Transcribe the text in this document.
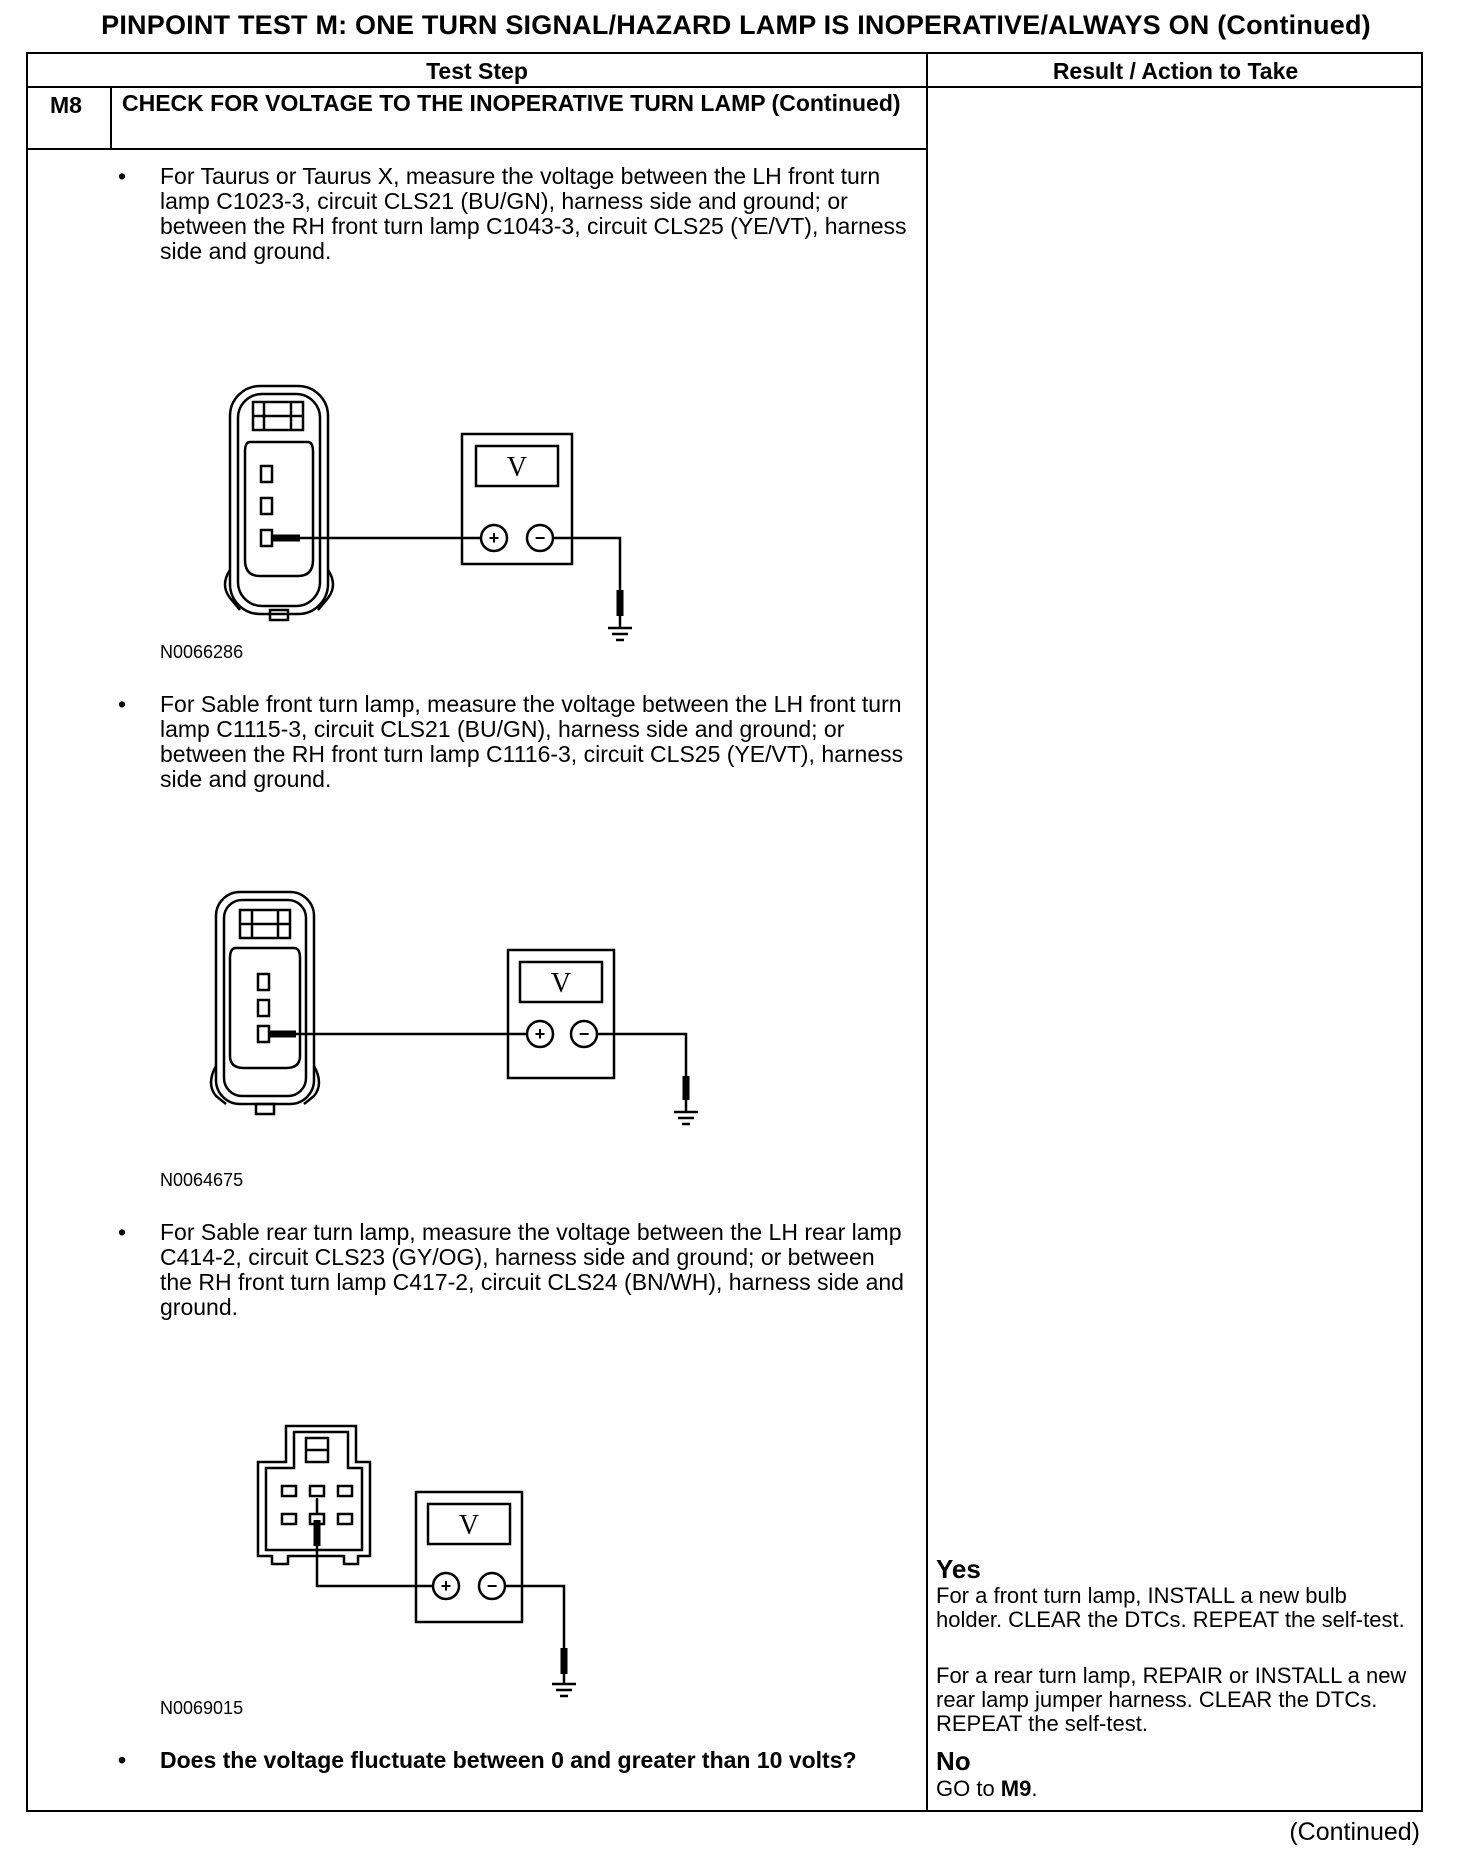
PINPOINT TEST M: ONE TURN SIGNAL/HAZARD LAMP IS INOPERATIVE/ALWAYS ON (Continued)
Test Step	Result / Action to Take
M8 CHECK FOR VOLTAGE TO THE INOPERATIVE TURN LAMP (Continued)
• For Taurus or Taurus X, measure the voltage between the LH front turn lamp C1023-3, circuit CLS21 (BU/GN), harness side and ground; or between the RH front turn lamp C1043-3, circuit CLS25 (YE/VT), harness side and ground.
V
+ −
N0066286
• For Sable front turn lamp, measure the voltage between the LH front turn lamp C1115-3, circuit CLS21 (BU/GN), harness side and ground; or between the RH front turn lamp C1116-3, circuit CLS25 (YE/VT), harness side and ground.
V
+ −
N0064675
• For Sable rear turn lamp, measure the voltage between the LH rear lamp C414-2, circuit CLS23 (GY/OG), harness side and ground; or between the RH front turn lamp C417-2, circuit CLS24 (BN/WH), harness side and ground.
V
+ −
N0069015
• Does the voltage fluctuate between 0 and greater than 10 volts?
Yes
For a front turn lamp, INSTALL a new bulb holder. CLEAR the DTCs. REPEAT the self-test.
For a rear turn lamp, REPAIR or INSTALL a new rear lamp jumper harness. CLEAR the DTCs. REPEAT the self-test.
No
GO to M9.
(Continued)
